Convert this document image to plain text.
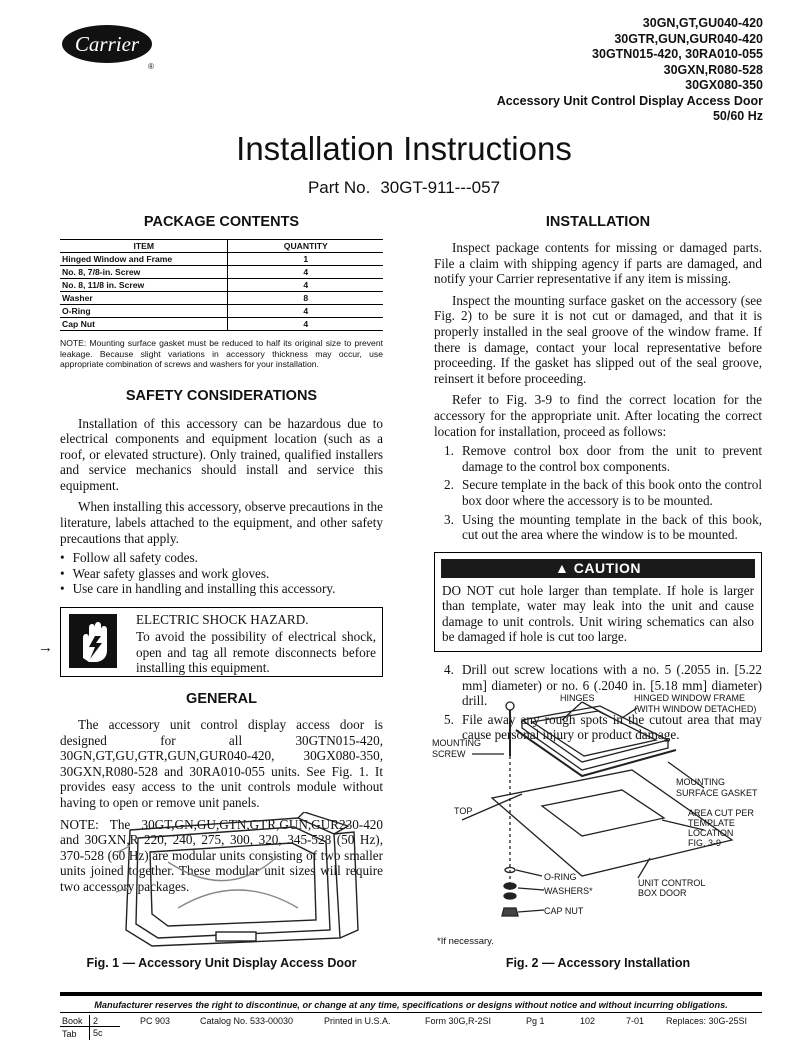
Carrier
®
30GN,GT,GU040-420
30GTR,GUN,GUR040-420
30GTN015-420, 30RA010-055
30GXN,R080-528
30GX080-350
Accessory Unit Control Display Access Door
50/60 Hz
Installation Instructions
Part No. 30GT-911---057
PACKAGE CONTENTS
ITEM	QUANTITY
Hinged Window and Frame	1
No. 8, 7/8-in. Screw	4
No. 8, 11/8 in. Screw	4
Washer	8
O-Ring	4
Cap Nut	4
NOTE: Mounting surface gasket must be reduced to half its original size to prevent leakage. Because slight variations in accessory thickness may occur, use appropriate combination of screws and washers for your installation.
SAFETY CONSIDERATIONS

Installation of this accessory can be hazardous due to electrical components and equipment location (such as a roof, or elevated structure). Only trained, qualified installers and service mechanics should install and service this equipment.

When installing this accessory, observe precautions in the literature, labels attached to the equipment, and other safety precautions that apply.

• Follow all safety codes.
• Wear safety glasses and work gloves.
• Use care in handling and installing this accessory.
ELECTRIC SHOCK HAZARD.
To avoid the possibility of electrical shock, open and tag all remote disconnects before installing this equipment.
GENERAL

The accessory unit control display access door is designed for all 30GTN015-420, 30GN,GT,GU,GTR,GUN,GUR040-420, 30GX080-350, 30GXN,R080-528 and 30RA010-055 units. See Fig. 1. It provides easy access to the unit controls module without having to open or remove unit panels.

NOTE: The 30GT,GN,GU,GTN,GTR,GUN,GUR230-420 and 30GXN,R 220, 240, 275, 300, 320, 345-528 (50 Hz), 370-528 (60 Hz) are modular units consisting of two smaller units joined together. These modular unit sizes will require two accessory packages.

→
Fig. 1 — Accessory Unit Display Access Door
INSTALLATION

Inspect package contents for missing or damaged parts. File a claim with shipping agency if parts are damaged, and notify your Carrier representative if any item is missing.

Inspect the mounting surface gasket on the accessory (see Fig. 2) to be sure it is not cut or damaged, and that it is properly installed in the seal groove of the window frame. If there is damage, contact your local representative before proceeding. If the gasket has slipped out of the seal groove, reinsert it before proceeding.

Refer to Fig. 3-9 to find the correct location for the accessory for the appropriate unit. After locating the correct location for installation, proceed as follows:

1. Remove control box door from the unit to prevent damage to the control box components.
2. Secure template in the back of this book onto the control box door where the accessory is to be mounted.
3. Using the mounting template in the back of this book, cut out the area where the window is to be mounted.
▲ CAUTION
DO NOT cut hole larger than template. If hole is larger than template, water may leak into the unit and cause damage to unit controls. Unit wiring schematics can also be damaged if hole is cut too large.
4. Drill out screw locations with a no. 5 (.2055 in. [5.22 mm] diameter) or no. 6 (.2040 in. [5.18 mm] diameter) drill.
5. File away any rough spots in the cutout area that may cause personal injury or product damage.
HINGES	HINGED WINDOW FRAME
(WITH WINDOW DETACHED)
MOUNTING
SCREW
MOUNTING
SURFACE GASKET
TOP	AREA CUT PER
TEMPLATE
LOCATION
FIG. 3-9
O-RING
WASHERS*
CAP NUT
UNIT CONTROL
BOX DOOR
*If necessary.
Fig. 2 — Accessory Installation
Manufacturer reserves the right to discontinue, or change at any time, specifications or designs without notice and without incurring obligations.
Book	2	PC 903	Catalog No. 533-00030	Printed in U.S.A.	Form 30G,R-2SI	Pg 1	102	7-01 Replaces: 30G-25SI
Tab	5c
